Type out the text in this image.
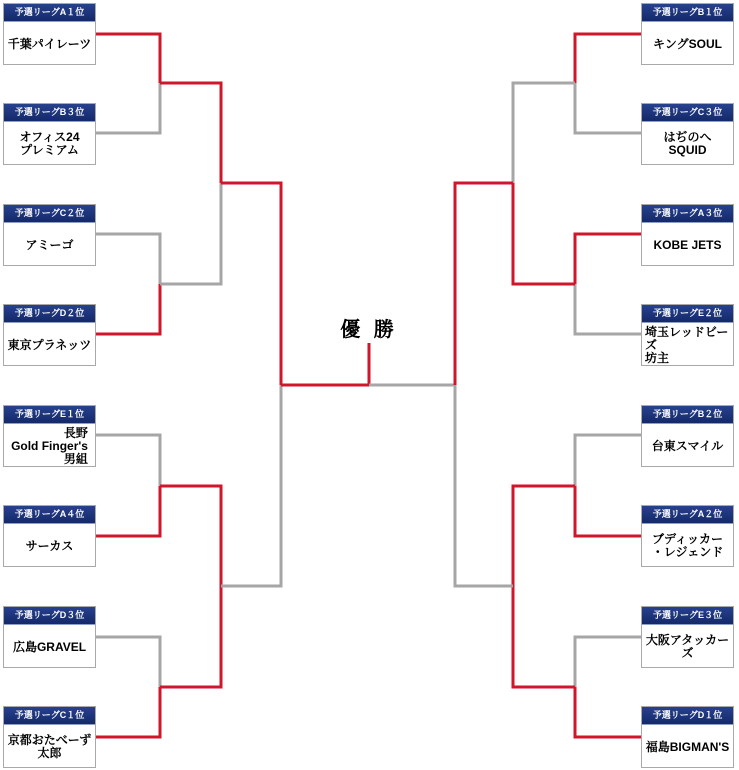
優 勝
予選リーグA１位
千葉パイレーツ
予選リーグB３位
オフィス24
プレミアム
予選リーグC２位
アミーゴ
予選リーグD２位
東京プラネッツ
予選リーグE１位
長野
Gold Finger's
男組
予選リーグA４位
サーカス
予選リーグD３位
広島GRAVEL
予選リーグC１位
京都おたべーず
太郎
予選リーグB１位
キングSOUL
予選リーグC３位
はぢのへSQUID
予選リーグA３位
KOBE JETS
予選リーグE２位
埼玉レッドビーズ
坊主
予選リーグB２位
台東スマイル
予選リーグA２位
ブディッカー
・レジェンド
予選リーグE３位
大阪アタッカーズ
予選リーグD１位
福島BIGMAN'S
